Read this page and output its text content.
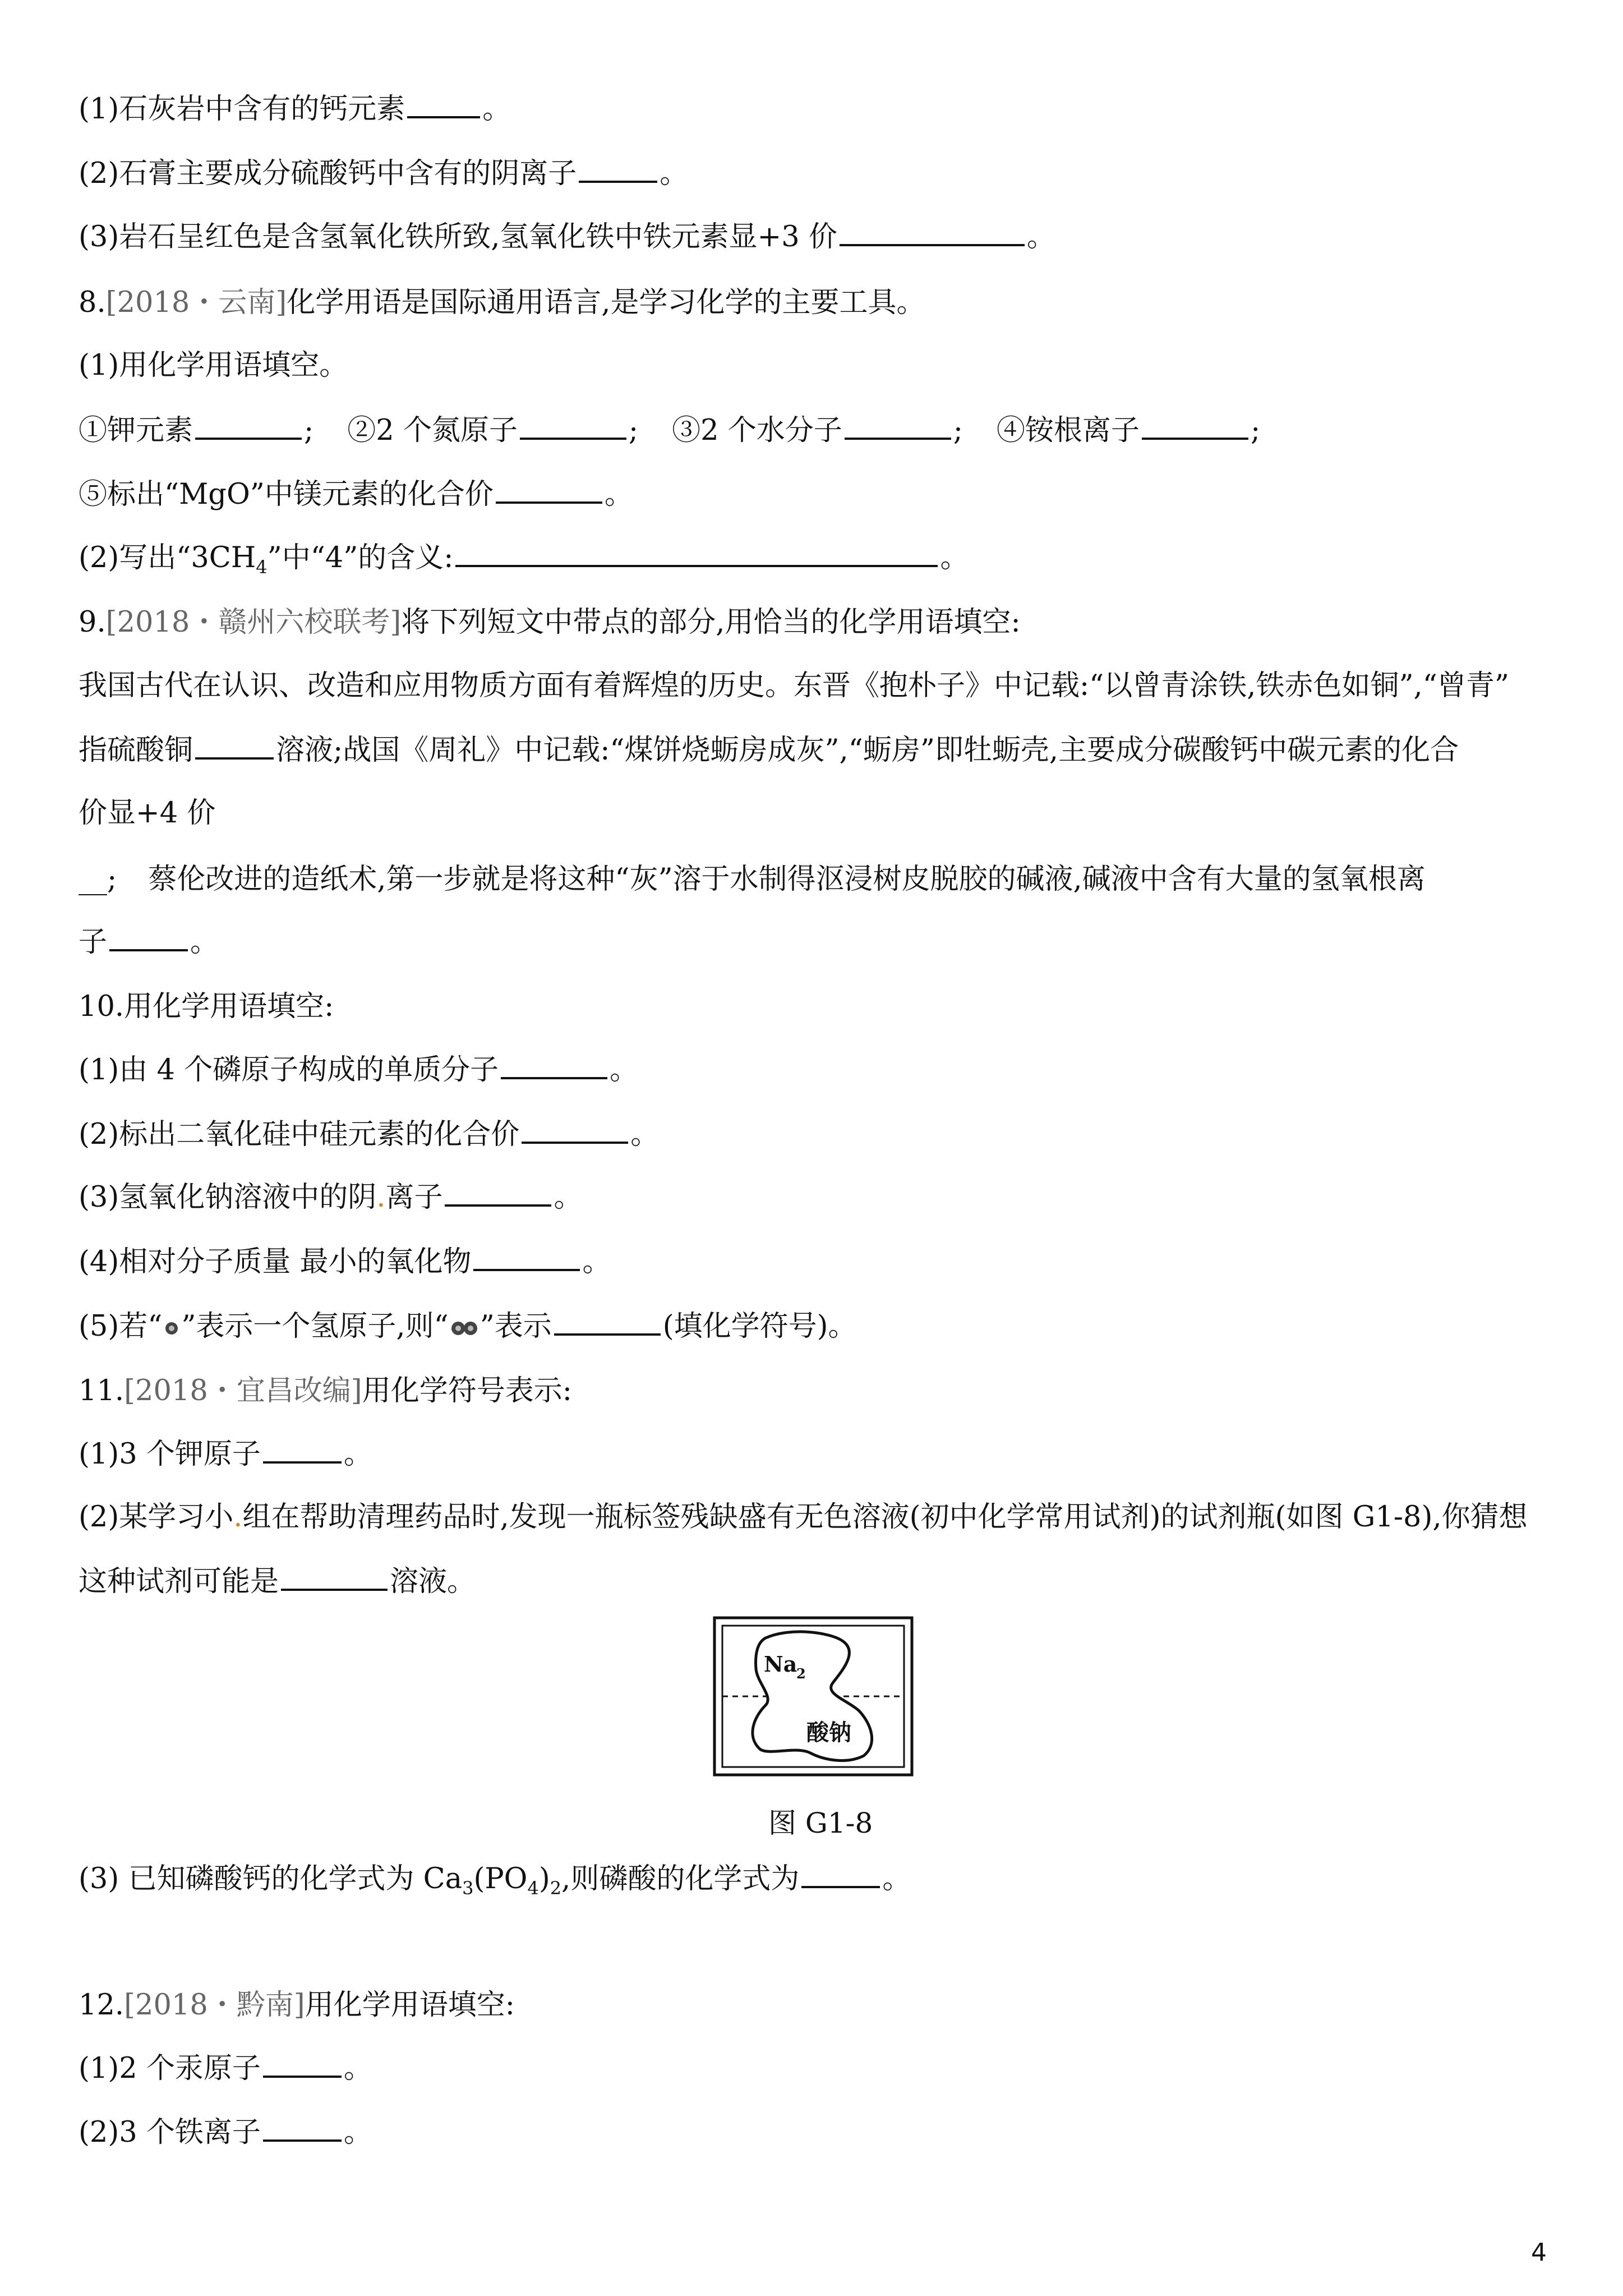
(1)石灰岩中含有的钙元素	。
(2)石膏主要成分硫酸钙中含有的阴离子	。
(3)岩石呈红色是含氢氧化铁所致,氢氧化铁中铁元素显+3 价	。
8.[2018・云南]化学用语是国际通用语言,是学习化学的主要工具。
(1)用化学用语填空。
①钾元素	; ②2 个氮原子	; ③2 个水分子	; ④铵根离子	;
⑤标出“MgO”中镁元素的化合价	。
(2)写出“$3CH_4$”中“4”的含义:	。
9.[2018・赣州六校联考]将下列短文中带点的部分,用恰当的化学用语填空:
我国古代在认识、改造和应用物质方面有着辉煌的历史。东晋《抱朴子》中记载:“以曾青涂铁,铁赤色如铜”,“曾青”
指硫酸铜	溶液;战国《周礼》中记载:“煤饼烧蛎房成灰”,“蛎房”即牡蛎壳,主要成分碳酸钙中碳元素的化合
价显+4 价
__; 蔡伦改进的造纸术,第一步就是将这种“灰”溶于水制得沤浸树皮脱胶的碱液,碱液中含有大量的氢氧根离
子	。
10.用化学用语填空:
(1)由 4 个磷原子构成的单质分子	。
(2)标出二氧化硅中硅元素的化合价	。
(3)氢氧化钠溶液中的阴.离子	。
(4)相对分子质量 最小的氧化物	。
(5)若“ ”表示一个氢原子,则“ ”表示	(填化学符号)。
11.[2018・宜昌改编]用化学符号表示:
(1)3 个钾原子	。
(2)某学习小.组在帮助清理药品时,发现一瓶标签残缺盛有无色溶液(初中化学常用试剂)的试剂瓶(如图 G1-8),你猜想
这种试剂可能是	溶液。
Na
2
酸钠
图 G1-8
(3) 已知磷酸钙的化学式为 $Ca_3(PO_4)_2$,则磷酸的化学式为	。
12.[2018・黔南]用化学用语填空:
(1)2 个汞原子	。
(2)3 个铁离子	。
4
